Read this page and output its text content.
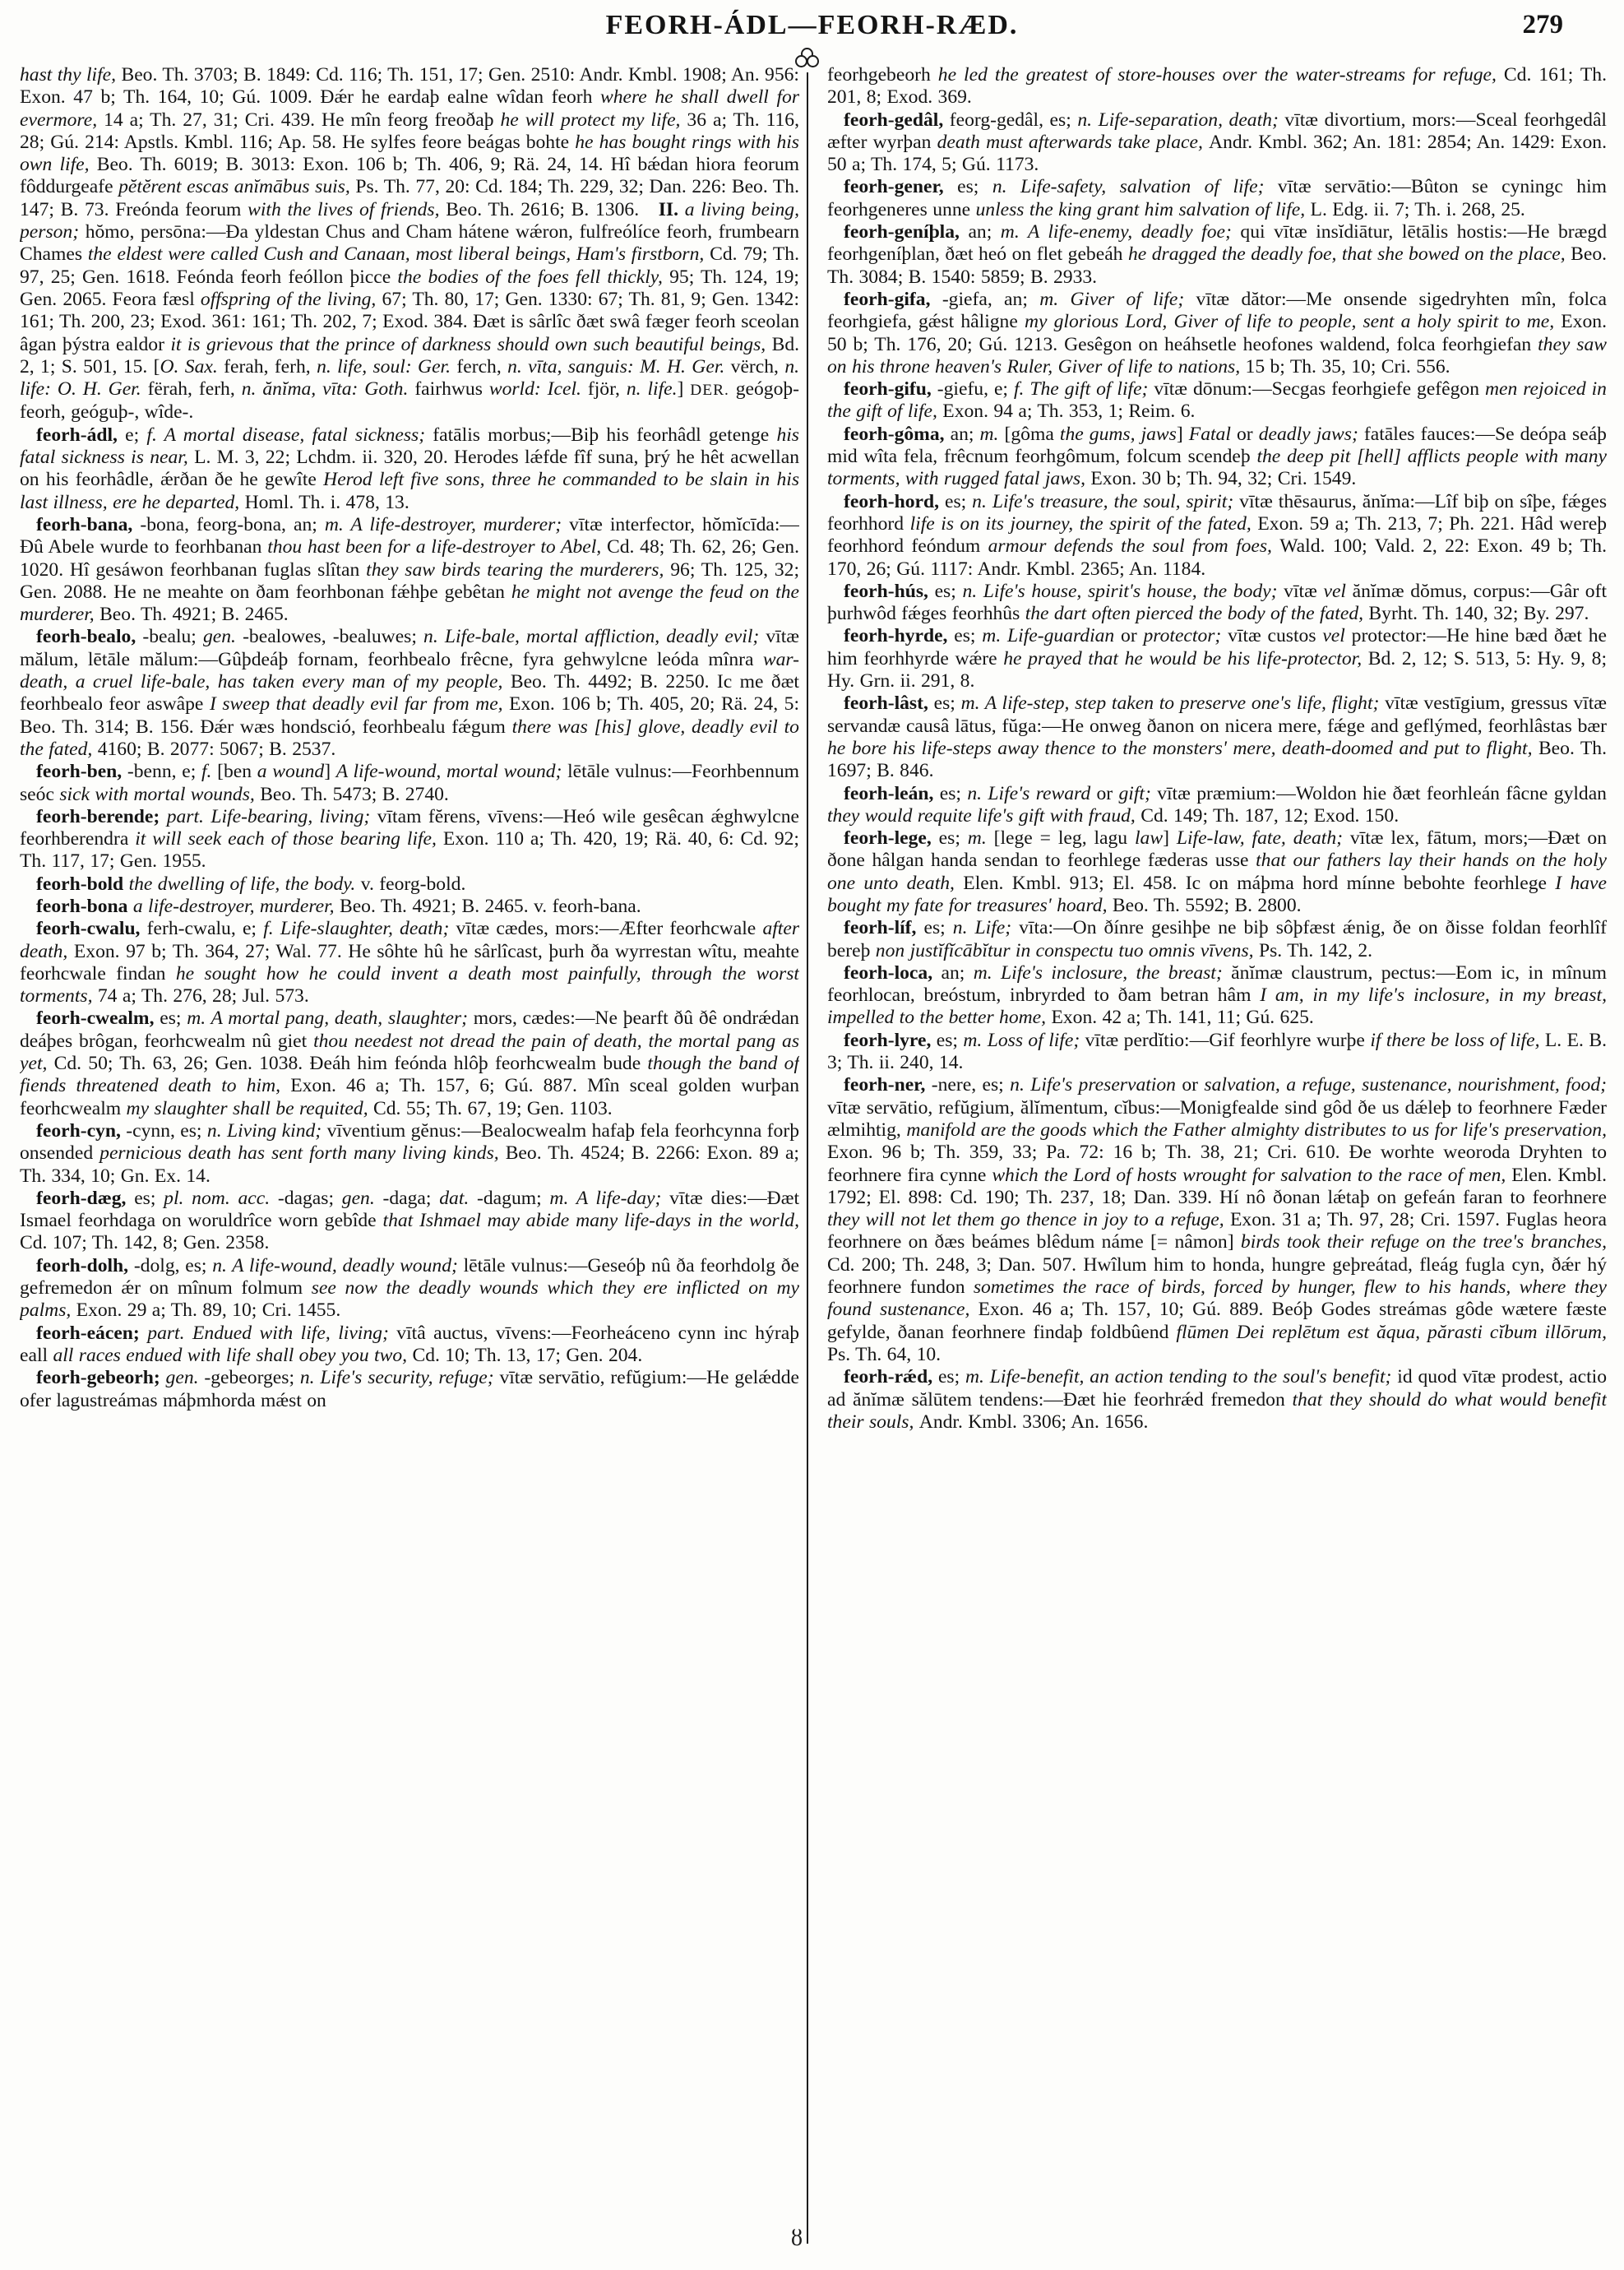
FEORH-ÁDL—FEORH-RÆD.	279

hast thy life, Beo. Th. 3703; B. 1849: Cd. 116; Th. 151, 17; Gen. 2510: Andr. Kmbl. 1908; An. 956: Exon. 47 b; Th. 164, 10; Gú. 1009. Ðǽr he eardaþ ealne wîdan feorh where he shall dwell for evermore, 14 a; Th. 27, 31; Cri. 439. He mîn feorg freoðaþ he will protect my life, 36 a; Th. 116, 28; Gú. 214: Apstls. Kmbl. 116; Ap. 58. He sylfes feore beágas bohte he has bought rings with his own life, Beo. Th. 6019; B. 3013: Exon. 106 b; Th. 406, 9; Rä. 24, 14. Hî bǽdan hiora feorum fôddurgeafe pĕtĕrent escas anĭmābus suis, Ps. Th. 77, 20: Cd. 184; Th. 229, 32; Dan. 226: Beo. Th. 147; B. 73. Freónda feorum with the lives of friends, Beo. Th. 2616; B. 1306. II. a living being, person; hŏmo, persōna:—Ða yldestan Chus and Cham hátene wǽron, fulfreólíce feorh, frumbearn Chames the eldest were called Cush and Canaan, most liberal beings, Ham's firstborn, Cd. 79; Th. 97, 25; Gen. 1618. Feónda feorh feóllon þicce the bodies of the foes fell thickly, 95; Th. 124, 19; Gen. 2065. Feora fæsl offspring of the living, 67; Th. 80, 17; Gen. 1330: 67; Th. 81, 9; Gen. 1342: 161; Th. 200, 23; Exod. 361: 161; Th. 202, 7; Exod. 384. Ðæt is sârlîc ðæt swâ fæger feorh sceolan âgan þýstra ealdor it is grievous that the prince of darkness should own such beautiful beings, Bd. 2, 1; S. 501, 15. [O. Sax. ferah, ferh, n. life, soul: Ger. ferch, n. vīta, sanguis: M. H. Ger. vërch, n. life: O. H. Ger. fërah, ferh, n. ănĭma, vīta: Goth. fairhwus world: Icel. fjör, n. life.] DER. geógoþ-feorh, geóguþ-, wîde-.

feorh-ádl, e; f. A mortal disease, fatal sickness; fatālis morbus;—Biþ his feorhâdl getenge his fatal sickness is near, L. M. 3, 22; Lchdm. ii. 320, 20. Herodes lǽfde fîf suna, þrý he hêt acwellan on his feorhâdle, ǽrðan ðe he gewîte Herod left five sons, three he commanded to be slain in his last illness, ere he departed, Homl. Th. i. 478, 13.

feorh-bana, -bona, feorg-bona, an; m. A life-destroyer, murderer; vītæ interfector, hŏmĭcīda:—Ðû Abele wurde to feorhbanan thou hast been for a life-destroyer to Abel, Cd. 48; Th. 62, 26; Gen. 1020. Hî gesáwon feorhbanan fuglas slîtan they saw birds tearing the murderers, 96; Th. 125, 32; Gen. 2088. He ne meahte on ðam feorhbonan fǽhþe gebêtan he might not avenge the feud on the murderer, Beo. Th. 4921; B. 2465.

feorh-bealo, -bealu; gen. -bealowes, -bealuwes; n. Life-bale, mortal affliction, deadly evil; vītæ mălum, lētāle mălum:—Gûþdeáþ fornam, feorhbealo frêcne, fyra gehwylcne leóda mînra war-death, a cruel life-bale, has taken every man of my people, Beo. Th. 4492; B. 2250. Ic me ðæt feorhbealo feor aswâpe I sweep that deadly evil far from me, Exon. 106 b; Th. 405, 20; Rä. 24, 5: Beo. Th. 314; B. 156. Ðǽr wæs hondsció, feorhbealu fǽgum there was [his] glove, deadly evil to the fated, 4160; B. 2077: 5067; B. 2537.

feorh-ben, -benn, e; f. [ben a wound] A life-wound, mortal wound; lētāle vulnus:—Feorhbennum seóc sick with mortal wounds, Beo. Th. 5473; B. 2740.

feorh-berende; part. Life-bearing, living; vītam fĕrens, vīvens:—Heó wile gesêcan ǽghwylcne feorhberendra it will seek each of those bearing life, Exon. 110 a; Th. 420, 19; Rä. 40, 6: Cd. 92; Th. 117, 17; Gen. 1955.

feorh-bold the dwelling of life, the body. v. feorg-bold.

feorh-bona a life-destroyer, murderer, Beo. Th. 4921; B. 2465. v. feorh-bana.

feorh-cwalu, ferh-cwalu, e; f. Life-slaughter, death; vītæ cædes, mors:—Æfter feorhcwale after death, Exon. 97 b; Th. 364, 27; Wal. 77. He sôhte hû he sârlîcast, þurh ða wyrrestan wîtu, meahte feorhcwale findan he sought how he could invent a death most painfully, through the worst torments, 74 a; Th. 276, 28; Jul. 573.

feorh-cwealm, es; m. A mortal pang, death, slaughter; mors, cædes:—Ne þearft ðû ðê ondrǽdan deáþes brôgan, feorhcwealm nû giet thou needest not dread the pain of death, the mortal pang as yet, Cd. 50; Th. 63, 26; Gen. 1038. Ðeáh him feónda hlôþ feorhcwealm bude though the band of fiends threatened death to him, Exon. 46 a; Th. 157, 6; Gú. 887. Mîn sceal golden wurþan feorhcwealm my slaughter shall be requited, Cd. 55; Th. 67, 19; Gen. 1103.

feorh-cyn, -cynn, es; n. Living kind; vīventium gĕnus:—Bealocwealm hafaþ fela feorhcynna forþ onsended pernicious death has sent forth many living kinds, Beo. Th. 4524; B. 2266: Exon. 89 a; Th. 334, 10; Gn. Ex. 14.

feorh-dæg, es; pl. nom. acc. -dagas; gen. -daga; dat. -dagum; m. A life-day; vītæ dies:—Ðæt Ismael feorhdaga on woruldrîce worn gebîde that Ishmael may abide many life-days in the world, Cd. 107; Th. 142, 8; Gen. 2358.

feorh-dolh, -dolg, es; n. A life-wound, deadly wound; lētāle vulnus:—Geseóþ nû ða feorhdolg ðe gefremedon ǽr on mînum folmum see now the deadly wounds which they ere inflicted on my palms, Exon. 29 a; Th. 89, 10; Cri. 1455.

feorh-eácen; part. Endued with life, living; vītâ auctus, vīvens:—Feorheáceno cynn inc hýraþ eall all races endued with life shall obey you two, Cd. 10; Th. 13, 17; Gen. 204.

feorh-gebeorh; gen. -gebeorges; n. Life's security, refuge; vītæ servātio, refŭgium:—He gelǽdde ofer lagustreámas máþmhorda mǽst on

feorhgebeorh he led the greatest of store-houses over the water-streams for refuge, Cd. 161; Th. 201, 8; Exod. 369.

feorh-gedâl, feorg-gedâl, es; n. Life-separation, death; vītæ divortium, mors:—Sceal feorhgedâl æfter wyrþan death must afterwards take place, Andr. Kmbl. 362; An. 181: 2854; An. 1429: Exon. 50 a; Th. 174, 5; Gú. 1173.

feorh-gener, es; n. Life-safety, salvation of life; vītæ servātio:—Bûton se cyningc him feorhgeneres unne unless the king grant him salvation of life, L. Edg. ii. 7; Th. i. 268, 25.

feorh-geníþla, an; m. A life-enemy, deadly foe; qui vītæ insĭdiātur, lētālis hostis:—He brægd feorhgeníþlan, ðæt heó on flet gebeáh he dragged the deadly foe, that she bowed on the place, Beo. Th. 3084; B. 1540: 5859; B. 2933.

feorh-gifa, -giefa, an; m. Giver of life; vītæ dător:—Me onsende sigedryhten mîn, folca feorhgiefa, gǽst hâligne my glorious Lord, Giver of life to people, sent a holy spirit to me, Exon. 50 b; Th. 176, 20; Gú. 1213. Gesêgon on heáhsetle heofones waldend, folca feorhgiefan they saw on his throne heaven's Ruler, Giver of life to nations, 15 b; Th. 35, 10; Cri. 556.

feorh-gifu, -giefu, e; f. The gift of life; vītæ dōnum:—Secgas feorhgiefe gefêgon men rejoiced in the gift of life, Exon. 94 a; Th. 353, 1; Reim. 6.

feorh-gôma, an; m. [gôma the gums, jaws] Fatal or deadly jaws; fatāles fauces:—Se deópa seáþ mid wîta fela, frêcnum feorhgômum, folcum scendeþ the deep pit [hell] afflicts people with many torments, with rugged fatal jaws, Exon. 30 b; Th. 94, 32; Cri. 1549.

feorh-hord, es; n. Life's treasure, the soul, spirit; vītæ thēsaurus, ănĭma:—Lîf biþ on sîþe, fǽges feorhhord life is on its journey, the spirit of the fated, Exon. 59 a; Th. 213, 7; Ph. 221. Hâd wereþ feorhhord feóndum armour defends the soul from foes, Wald. 100; Vald. 2, 22: Exon. 49 b; Th. 170, 26; Gú. 1117: Andr. Kmbl. 2365; An. 1184.

feorh-hús, es; n. Life's house, spirit's house, the body; vītæ vel ănĭmæ dŏmus, corpus:—Gâr oft þurhwôd fǽges feorhhûs the dart often pierced the body of the fated, Byrht. Th. 140, 32; By. 297.

feorh-hyrde, es; m. Life-guardian or protector; vītæ custos vel protector:—He hine bæd ðæt he him feorhhyrde wǽre he prayed that he would be his life-protector, Bd. 2, 12; S. 513, 5: Hy. 9, 8; Hy. Grn. ii. 291, 8.

feorh-lâst, es; m. A life-step, step taken to preserve one's life, flight; vītæ vestīgium, gressus vītæ servandæ causâ lātus, fŭga:—He onweg ðanon on nicera mere, fǽge and geflýmed, feorhlâstas bær he bore his life-steps away thence to the monsters' mere, death-doomed and put to flight, Beo. Th. 1697; B. 846.

feorh-leán, es; n. Life's reward or gift; vītæ præmium:—Woldon hie ðæt feorhleán fâcne gyldan they would requite life's gift with fraud, Cd. 149; Th. 187, 12; Exod. 150.

feorh-lege, es; m. [lege = leg, lagu law] Life-law, fate, death; vītæ lex, fātum, mors;—Ðæt on ðone hâlgan handa sendan to feorhlege fæderas usse that our fathers lay their hands on the holy one unto death, Elen. Kmbl. 913; El. 458. Ic on máþma hord mínne bebohte feorhlege I have bought my fate for treasures' hoard, Beo. Th. 5592; B. 2800.

feorh-líf, es; n. Life; vīta:—On ðínre gesihþe ne biþ sôþfæst ǽnig, ðe on ðisse foldan feorhlîf bereþ non justĭfĭcābĭtur in conspectu tuo omnis vīvens, Ps. Th. 142, 2.

feorh-loca, an; m. Life's inclosure, the breast; ănĭmæ claustrum, pectus:—Eom ic, in mînum feorhlocan, breóstum, inbryrded to ðam betran hâm I am, in my life's inclosure, in my breast, impelled to the better home, Exon. 42 a; Th. 141, 11; Gú. 625.

feorh-lyre, es; m. Loss of life; vītæ perdĭtio:—Gif feorhlyre wurþe if there be loss of life, L. E. B. 3; Th. ii. 240, 14.

feorh-ner, -nere, es; n. Life's preservation or salvation, a refuge, sustenance, nourishment, food; vītæ servātio, refŭgium, ălĭmentum, cĭbus:—Monigfealde sind gôd ðe us dǽleþ to feorhnere Fæder ælmihtig, manifold are the goods which the Father almighty distributes to us for life's preservation, Exon. 96 b; Th. 359, 33; Pa. 72: 16 b; Th. 38, 21; Cri. 610. Ðe worhte weoroda Dryhten to feorhnere fira cynne which the Lord of hosts wrought for salvation to the race of men, Elen. Kmbl. 1792; El. 898: Cd. 190; Th. 237, 18; Dan. 339. Hí nô ðonan lǽtaþ on gefeán faran to feorhnere they will not let them go thence in joy to a refuge, Exon. 31 a; Th. 97, 28; Cri. 1597. Fuglas heora feorhnere on ðæs beámes blêdum náme [= nâmon] birds took their refuge on the tree's branches, Cd. 200; Th. 248, 3; Dan. 507. Hwîlum him to honda, hungre geþreátad, fleág fugla cyn, ðǽr hý feorhnere fundon sometimes the race of birds, forced by hunger, flew to his hands, where they found sustenance, Exon. 46 a; Th. 157, 10; Gú. 889. Beóþ Godes streámas gôde wætere fæste gefylde, ðanan feorhnere findaþ foldbûend flūmen Dei replētum est ăqua, părasti cĭbum illōrum, Ps. Th. 64, 10.

feorh-rǽd, es; m. Life-benefit, an action tending to the soul's benefit; id quod vītæ prodest, actio ad ănĭmæ sălūtem tendens:—Ðæt hie feorhrǽd fremedon that they should do what would benefit their souls, Andr. Kmbl. 3306; An. 1656.

ȣ
